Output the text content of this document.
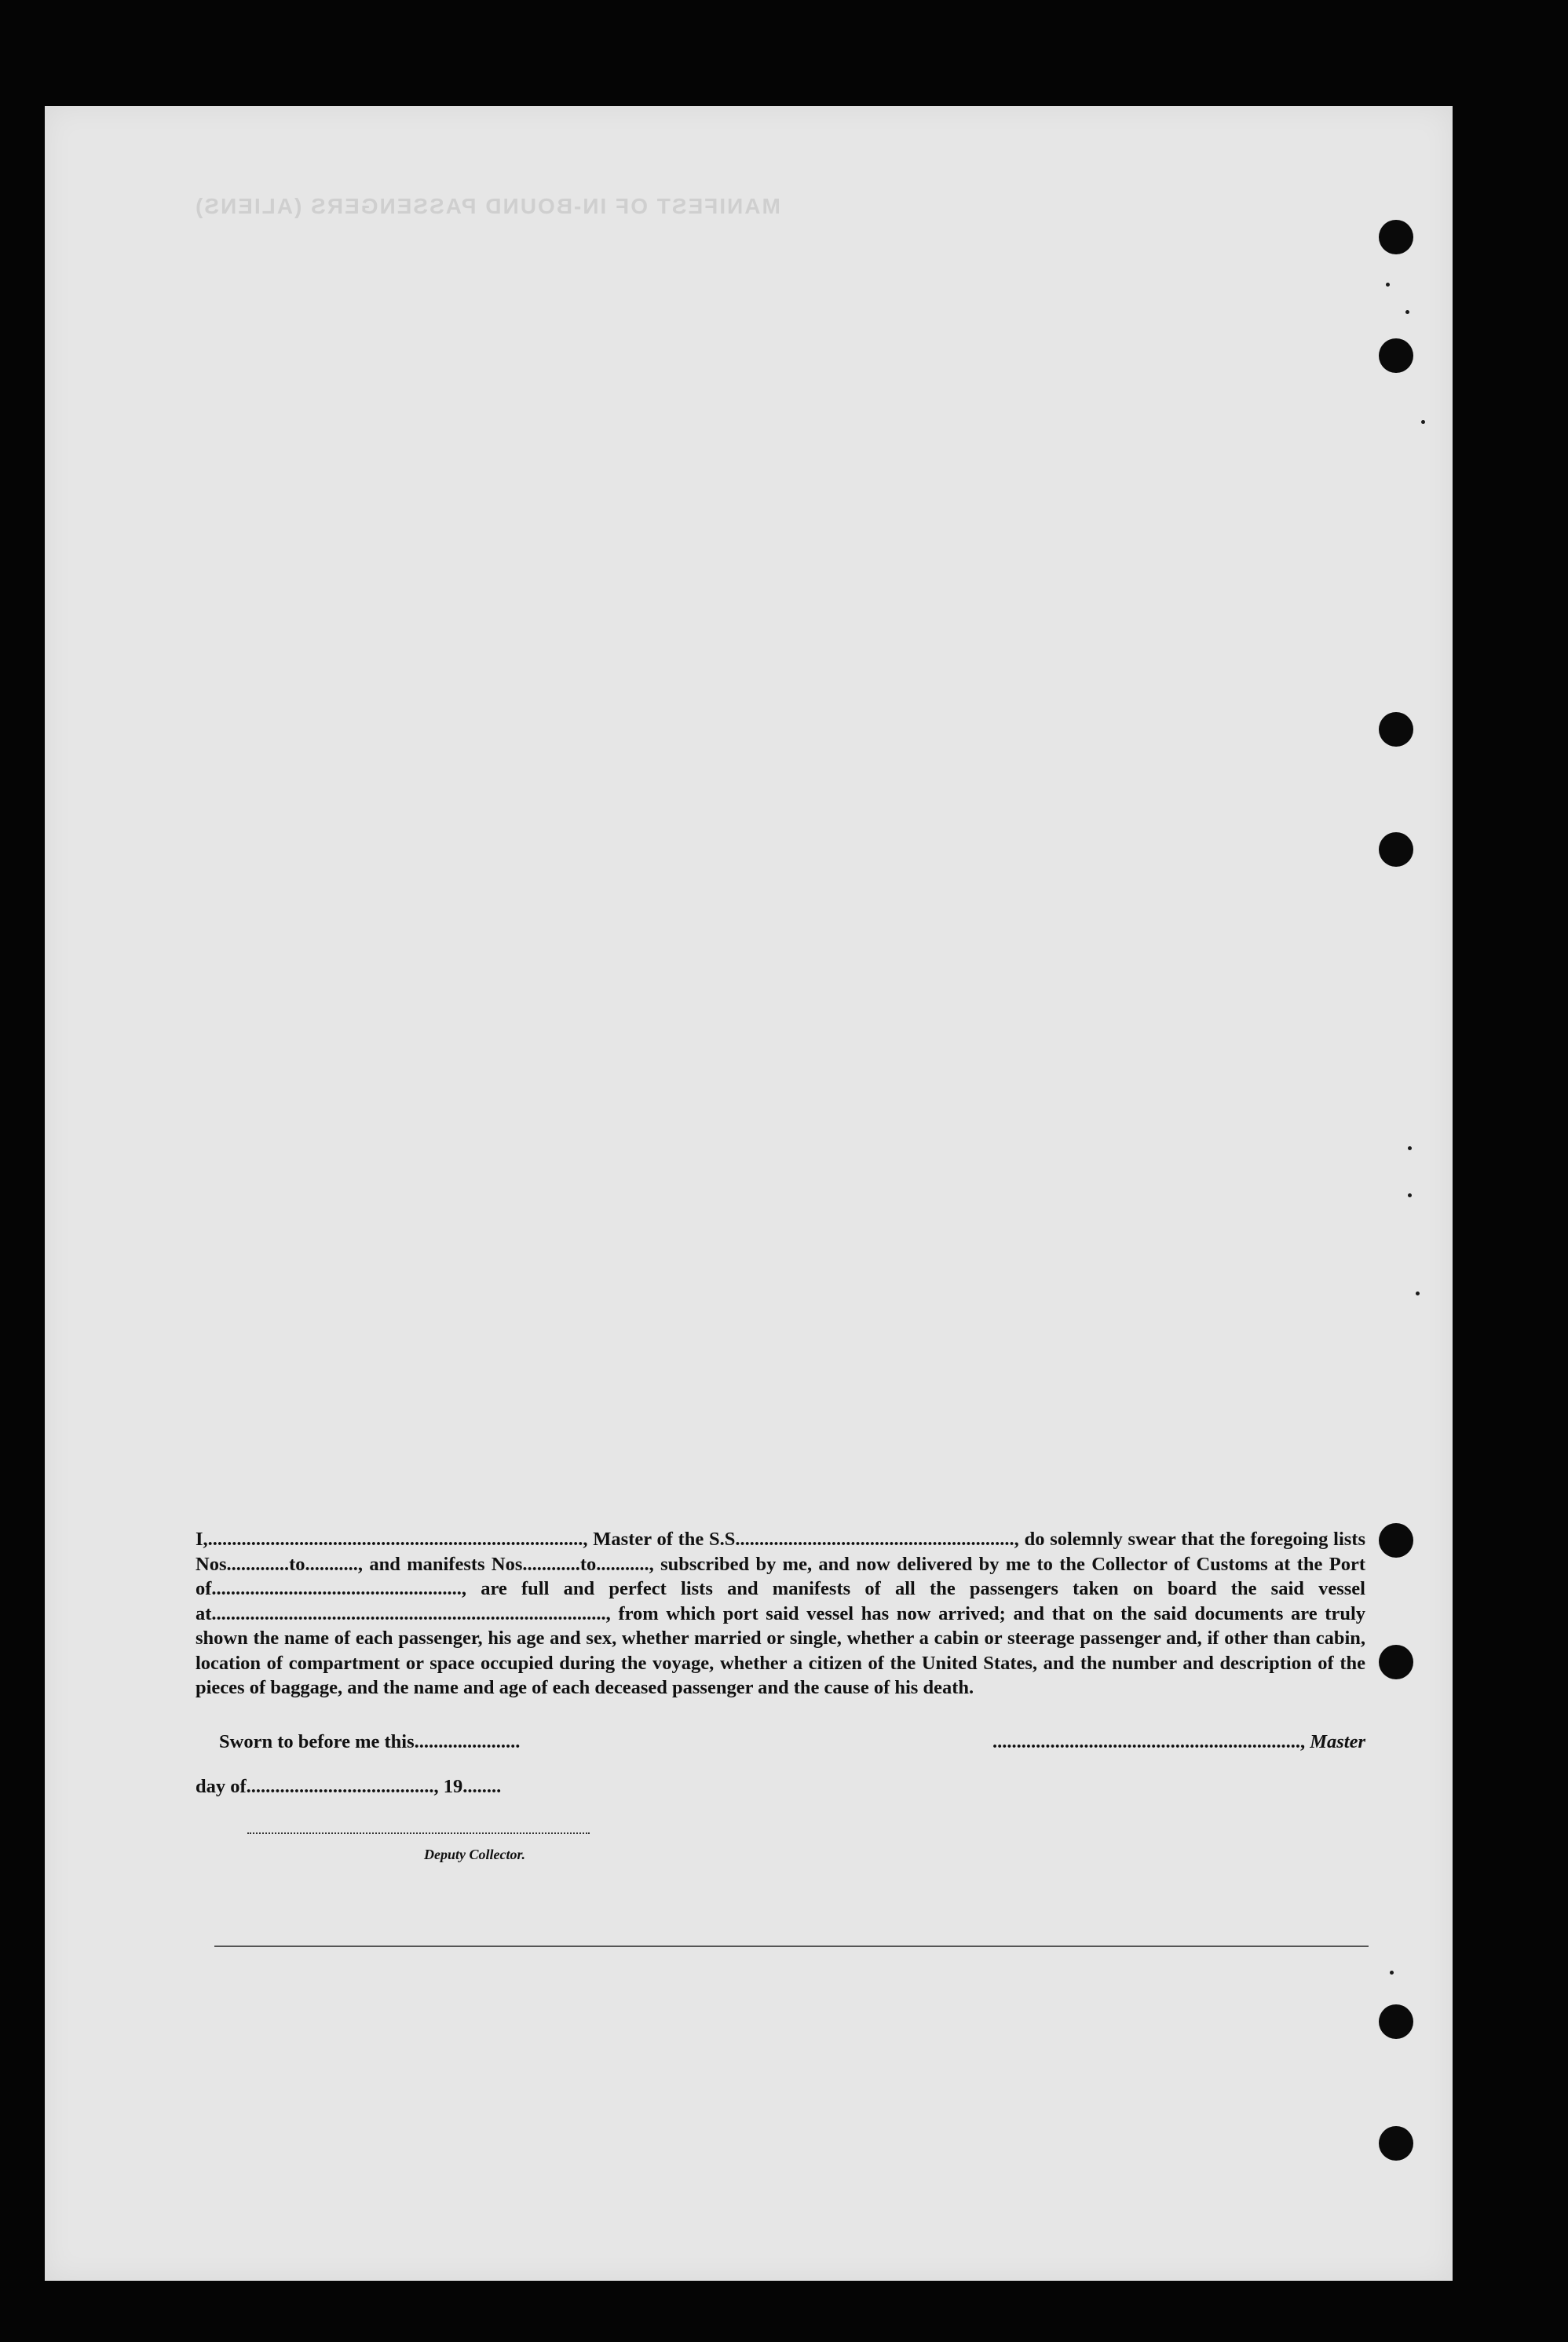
MANIFEST OF IN-BOUND PASSENGERS (ALIENS)

I,.............................................................................., Master of the S.S.........................................................., do solemnly swear that the foregoing lists Nos.............to..........., and manifests Nos............to..........., subscribed by me, and now delivered by me to the Collector of Customs at the Port of...................................................., are full and perfect lists and manifests of all the passengers taken on board the said vessel at.................................................................................., from which port said vessel has now arrived; and that on the said documents are truly shown the name of each passenger, his age and sex, whether married or single, whether a cabin or steerage passenger and, if other than cabin, location of compartment or space occupied during the voyage, whether a citizen of the United States, and the number and description of the pieces of baggage, and the name and age of each deceased passenger and the cause of his death.

Sworn to before me this......................	................................................................, Master
day of......................................., 19........
Deputy Collector.
